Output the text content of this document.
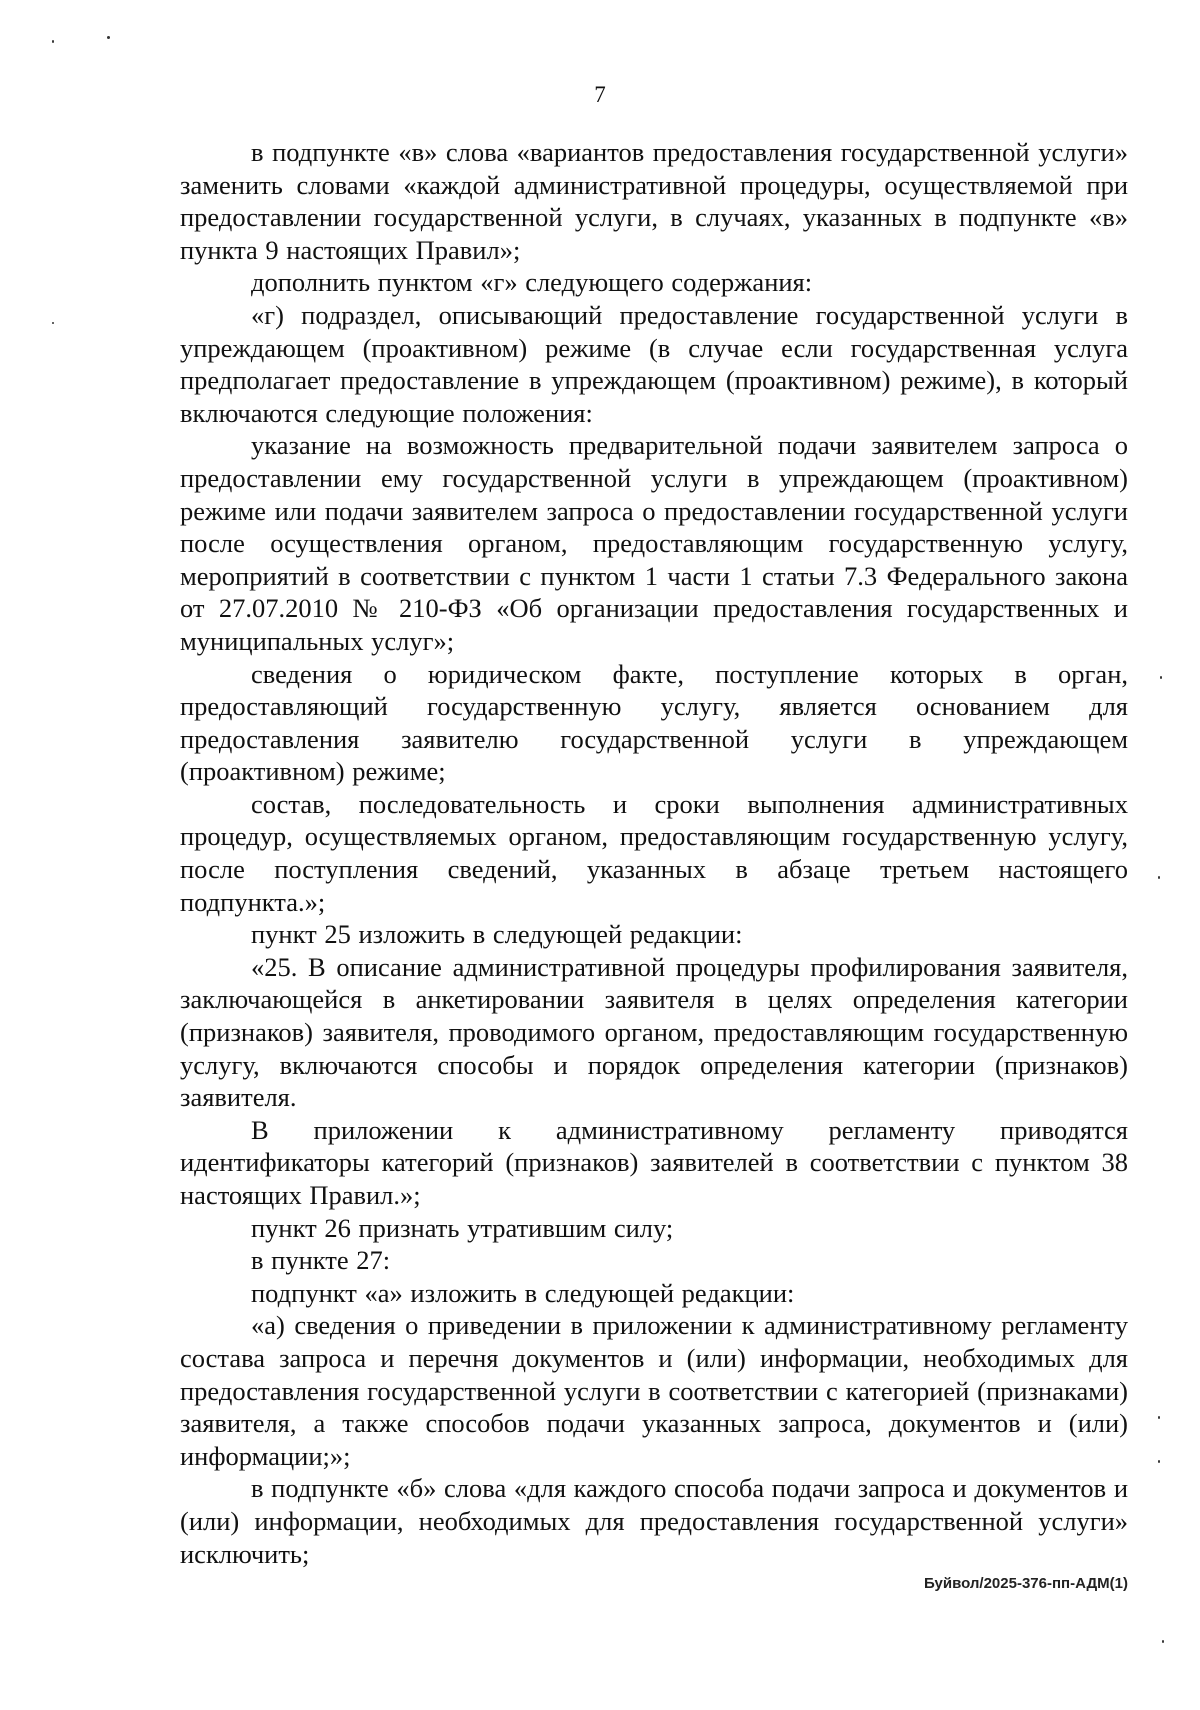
7

в подпункте «в» слова «вариантов предоставления государственной услуги» заменить словами «каждой административной процедуры, осуществляемой при предоставлении государственной услуги, в случаях, указанных в подпункте «в» пункта 9 настоящих Правил»;

дополнить пунктом «г» следующего содержания:

«г) подраздел, описывающий предоставление государственной услуги в упреждающем (проактивном) режиме (в случае если государственная услуга предполагает предоставление в упреждающем (проактивном) режиме), в который включаются следующие положения:

указание на возможность предварительной подачи заявителем запроса о предоставлении ему государственной услуги в упреждающем (проактивном) режиме или подачи заявителем запроса о предоставлении государственной услуги после осуществления органом, предоставляющим государственную услугу, мероприятий в соответствии с пунктом 1 части 1 статьи 7.3 Федерального закона от 27.07.2010 № 210-ФЗ «Об организации предоставления государственных и муниципальных услуг»;

сведения о юридическом факте, поступление которых в орган, предоставляющий государственную услугу, является основанием для предоставления заявителю государственной услуги в упреждающем (проактивном) режиме;

состав, последовательность и сроки выполнения административных процедур, осуществляемых органом, предоставляющим государственную услугу, после поступления сведений, указанных в абзаце третьем настоящего подпункта.»;

пункт 25 изложить в следующей редакции:

«25. В описание административной процедуры профилирования заявителя, заключающейся в анкетировании заявителя в целях определения категории (признаков) заявителя, проводимого органом, предоставляющим государственную услугу, включаются способы и порядок определения категории (признаков) заявителя.

В приложении к административному регламенту приводятся идентификаторы категорий (признаков) заявителей в соответствии с пунктом 38 настоящих Правил.»;

пункт 26 признать утратившим силу;

в пункте 27:

подпункт «а» изложить в следующей редакции:

«а) сведения о приведении в приложении к административному регламенту состава запроса и перечня документов и (или) информации, необходимых для предоставления государственной услуги в соответствии с категорией (признаками) заявителя, а также способов подачи указанных запроса, документов и (или) информации;»;

в подпункте «б» слова «для каждого способа подачи запроса и документов и (или) информации, необходимых для предоставления государственной услуги» исключить;

Буйвол/2025-376-пп-АДМ(1)
